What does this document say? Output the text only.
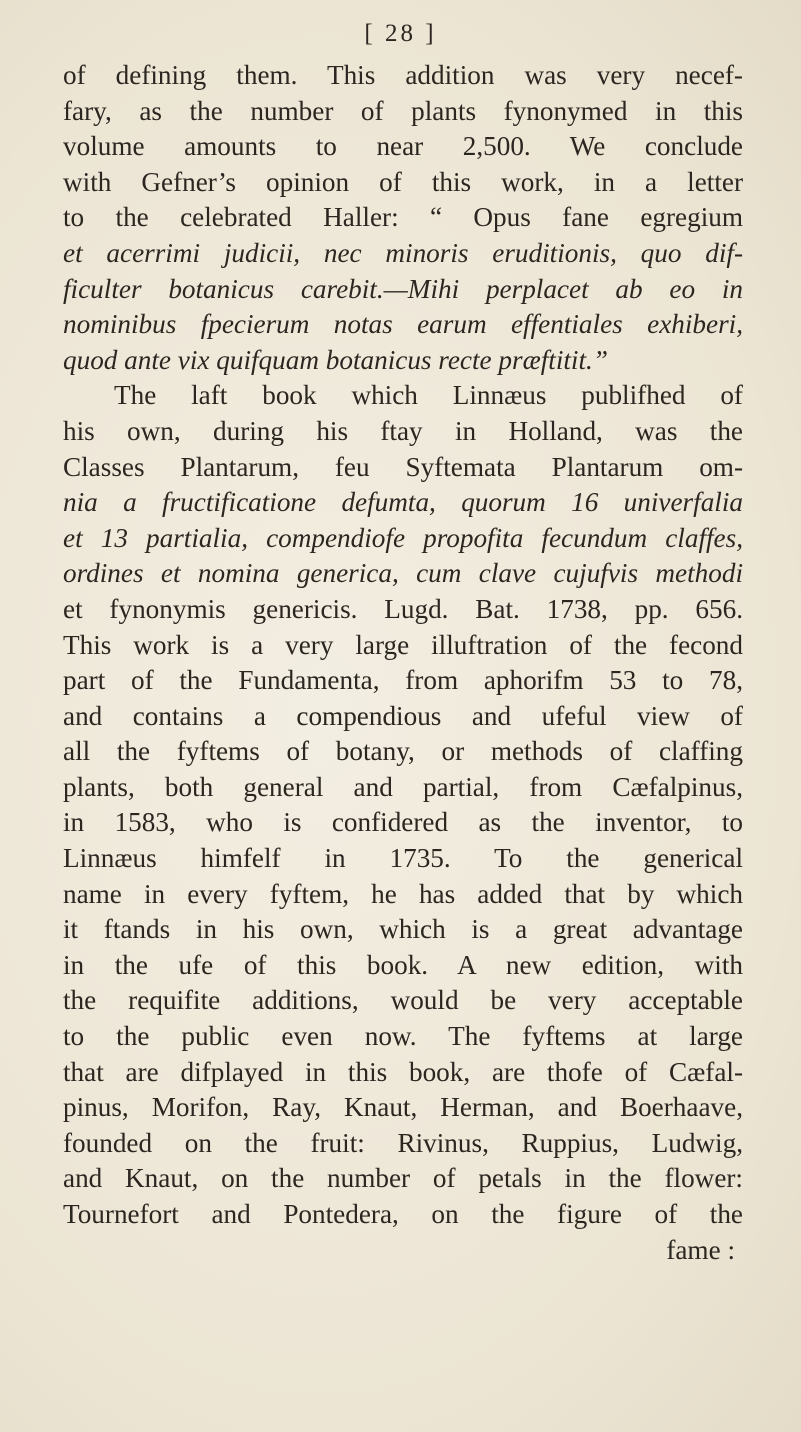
[ 28 ]
of defining them. This addition was very necef-
fary, as the number of plants fynonymed in this
volume amounts to near 2,500. We conclude
with Gefner’s opinion of this work, in a letter
to the celebrated Haller: “ Opus fane egregium
“ et acerrimi judicii, nec minoris eruditionis, quo dif-
“ ficulter botanicus carebit.—Mihi perplacet ab eo in
“ nominibus fpecierum notas earum effentiales exhiberi,
“ quod ante vix quifquam botanicus recte præftitit.”
The laft book which Linnæus publifhed of
his own, during his ftay in Holland, was the
Classes Plantarum, feu Syftemata Plantarum om-
nia a fructificatione defumta, quorum 16 univerfalia
et 13 partialia, compendiofe propofita fecundum claffes,
ordines et nomina generica, cum clave cujufvis methodi
et fynonymis genericis. Lugd. Bat. 1738, pp. 656.
This work is a very large illuftration of the fecond
part of the Fundamenta, from aphorifm 53 to 78,
and contains a compendious and ufeful view of
all the fyftems of botany, or methods of claffing
plants, both general and partial, from Cæfalpinus,
in 1583, who is confidered as the inventor, to
Linnæus himfelf in 1735. To the generical
name in every fyftem, he has added that by which
it ftands in his own, which is a great advantage
in the ufe of this book. A new edition, with
the requifite additions, would be very acceptable
to the public even now. The fyftems at large
that are difplayed in this book, are thofe of Cæfal-
pinus, Morifon, Ray, Knaut, Herman, and Boerhaave,
founded on the fruit: Rivinus, Ruppius, Ludwig,
and Knaut, on the number of petals in the flower:
Tournefort and Pontedera, on the figure of the
fame :
